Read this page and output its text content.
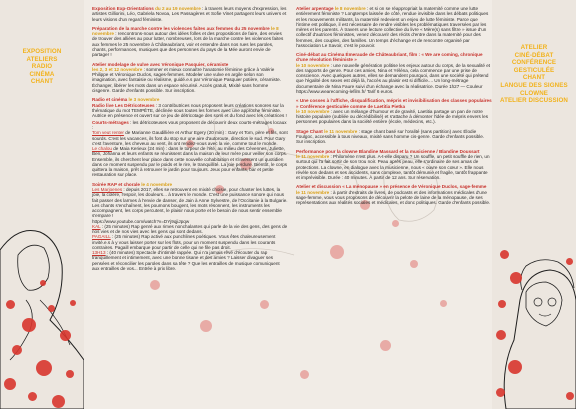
EXPOSITION
ATELIERS
RADIO
CINÉMA
CHANT
ATELIER
CINÉ-DÉBAT
CONFÉRENCE GESTICULÉE
CHANT
LANGUE DES SIGNES
CLOWNE
ATELIER DISCUSSION
Exposition Exp-Orientations du 2 au 19 novembre : à travers leurs moyens d'expression, les artistes Gilliorini, Léo, Gabriela Novoa, Les Passagères et Sofie Vinet partagent leurs univers et leurs visions d'un regard féministe.
Préparation de la marche contre les violences faites aux femmes du 25 novembre le 8 novembre : rencontrons-nous autour des idées folles et des propositions de faire, des envies de trouver des alliées au pour lutter, nombreuses, lors de la marche contre les violences faites aux femmes le 25 novembre à Châteaubriant, voir et entendre dans nos rues les paroles, chants, performances, musiques que des personnes du pays de la Mée auront envie de partager !
Atelier modelage de vulve avec Véronique Pasquier, céramiste
les 2, 3 et 12 novembre : sommer et mieux connaître l'anatomie féminine grâce à Valérie Philippe et Véronique Duclos, sages-femmes. Modeler une vulve en argile selon son imagination, avec fantaisie ou réalisme, guidé.e.s par Véronique Pasquier potière, céramiste. Échanger, libérer les mots dans un espace sécurisé. Accès gratuit, Mixité sans homme cisgenre. Garde d'enfants possible. Sur inscription.
Radio et cinéma le 3 novembre
Radio live Les Détricoteuses : 3 contributrices nous proposent leurs créations sonores sur la thématique du mot TEMPÊTE, déclinée sous toutes les formes avec une approche féministe. Autrice en présence et ouvert sur ce jeu de détricotage des sons et du fond avec les créatrices !
Courts-métrages : les détricoteuses vous proposent de découvrir deux courts-métrages locaux :
Tom veut renter de Marianne Gaudillière et Arthur Egery (20 min) : Gary et Tom, père et fils, sont sourds. C'est les vacances, ils font du stop sur une aire d'autoroute, direction le sud. Pour Gary c'est l'aventure, les cheveux au vent, ils ont rendez-vous avec la vie, comme tout le monde.
Le chalou de Maia Kerieux (24 min) : dans le torpeur de l'été, au milieu des Cévennes, Juliette, Ben, Johanna et leurs enfants se réunissent dans la maison de leur mère pour veiller son corps. Ensemble, ils cherchent leur place dans cette nouvelle cohabitation et s'inventent un quotidien dans ce moment suspendu par le poids et le rire, le tranquillité. La joie perdure. Bientôt, le corps quittera la maison, prêt à retrouver le jardin pour toujours. Jeux pour enfants, bar et petite restauration sur place.
Soirée RAP et chorale le 4 novembre
Les Marjoenes : depuis 2017, elles se retrouvent en mixité choisie, pour chanter les luttes, la joie, la colère, l'espoir, les douleurs... à travers le monde. C'est une puissance sonore qui nous fait passer des larmes à l'envie de danser, de Jain à Anne Sylvestre, de l'Occitanie à la Bulgarie. Les chants s'enchaînent, les poumons bougent, les mots résonnent, les instruments les accompagnent, les corps percutent, le plaisir nous porte et le besoin de nous sentir ensemble s'empare !
https://www.youtube.com/watch?v=DYj9qjiJpqw
KAL : (25 minutes) Rap genré aux rimes nonchalantes qui parle de la vie des gens, des gens de nos vies et de nos vies avec les gens qui sont dedans.
PAGAILL : (25 minutes) Rap activé aux punchlines poétiques. Vous êtes chaleureusement invité.e.s à y vous laisser porter sur les flots, pour un moment suspendu dans les courants contraires. Pagaill embarque pour partir de celle qui ne file pas droit.
13H13 : (40 minutes) Spectacle d'intimité rappée. Qui n'a jamais rêvé d'écouter du rap tranquillement et intimement, avec une bonne tisane et des amies ? Laisser divaguer ses pensées et réconcilier les paroles dans sa tête ? Que les entrailles de musique comuniquent aux entrailles de vos... Entrée à prix libre.
Atelier arpentage le 8 novembre : et si on se réappropriait la maternité comme une lutte entièrement féministe ? Longtemps laissée de côté, rendue invisible dans les débats politiques et les mouvements militants, la maternité redevient un enjeu de lutte féministe. Parce que l'intime est politique, il est nécessaire de rendre visibles les problématiques traversées par les mères et les parents. À travers une lecture collective du livre « Mère(s) sans filtre » issue d'un collectif d'autrices féministes, venez découvrir des récits d'entre dans la maternité pour des femmes, des couples, des familles. Un temps d'échange et de rencontre organisé par l'association Le Savoir, c'est le pouvoir.
Ciné-débat au Cinéma Émeraude de Châteaubriant, film : « We are coming, chronique d'une révolution féministe »
le 10 novembre : une nouvelle génération politise les enjeux autour du corps, de la sexualité et des rapports de genre. Pour ces amies, Nina et Yéléna, cela commence par une prise de conscience. Avec quelques autres, elles se demandent pourquoi, dans une société qui prétend que l'égalité des sexes est déjà là, l'accès au plaisir est si difficile.... Un long-métrage documentaire de Nina Faure suivi d'un échange avec la réalisatrice. Durée 1h27 — Couleur https://www.wearecoming-lefilm.fr/ Tarif 6 euros.
« Une cosses à l'affiche, disqualification, mépris et invisibilisation des classes populaires » Conférence gesticulée comme de Laetitia Pietka
le 10 novembre : avec un mélange d'humour et de gravité, Laetitia partage un pan de notre histoire populaire (oubliée ou décrédibilisé) et s'attache à démonter l'idée de mépris envers les personnes populaires dans la société entière (école, médecins, etc.).
Stage Chant le 11 novembre : stage chant basé sur l'oralité (sans partition) avec Élodie Foulgoc, accessible à tous niveaux, mixité sans homme cis-genre. Garde d'enfants possible. Sur inscription.
Performance pour la clowne Blandine Massard et la musicienne / Blandine Doussart
le 11 novembre : Philomène n'est plus. A-t-elle disparu ? Un souffle, un petit souffle de rien, un surtout qui l'a fait sortir de son trou noir. Peau après peau, elle s'ordinaire de ses amas de protections. La clowne, en dialogue avec la musicienne, nous « ouvre son cœur ». Elle nous révèle son dedans et ses accidents, sans complexe, tantôt démunie et fragile, tantôt frappante et imprévisible. Durée : 40 minutes. À partir de 12 ans. Sur réservation.
Atelier et discussion « La ménopause » en présence de Véronique Duclos, sage-femme
le 11 novembre : à partir d'extraits de livres, de podcasts et des informations médicales d'une sage-femme, vous vous proposons de découvrir la pelote de laine de la ménopause, de ses représentations aux réalités sociales et médicales, et donc politiques. Garde d'enfants possible.
